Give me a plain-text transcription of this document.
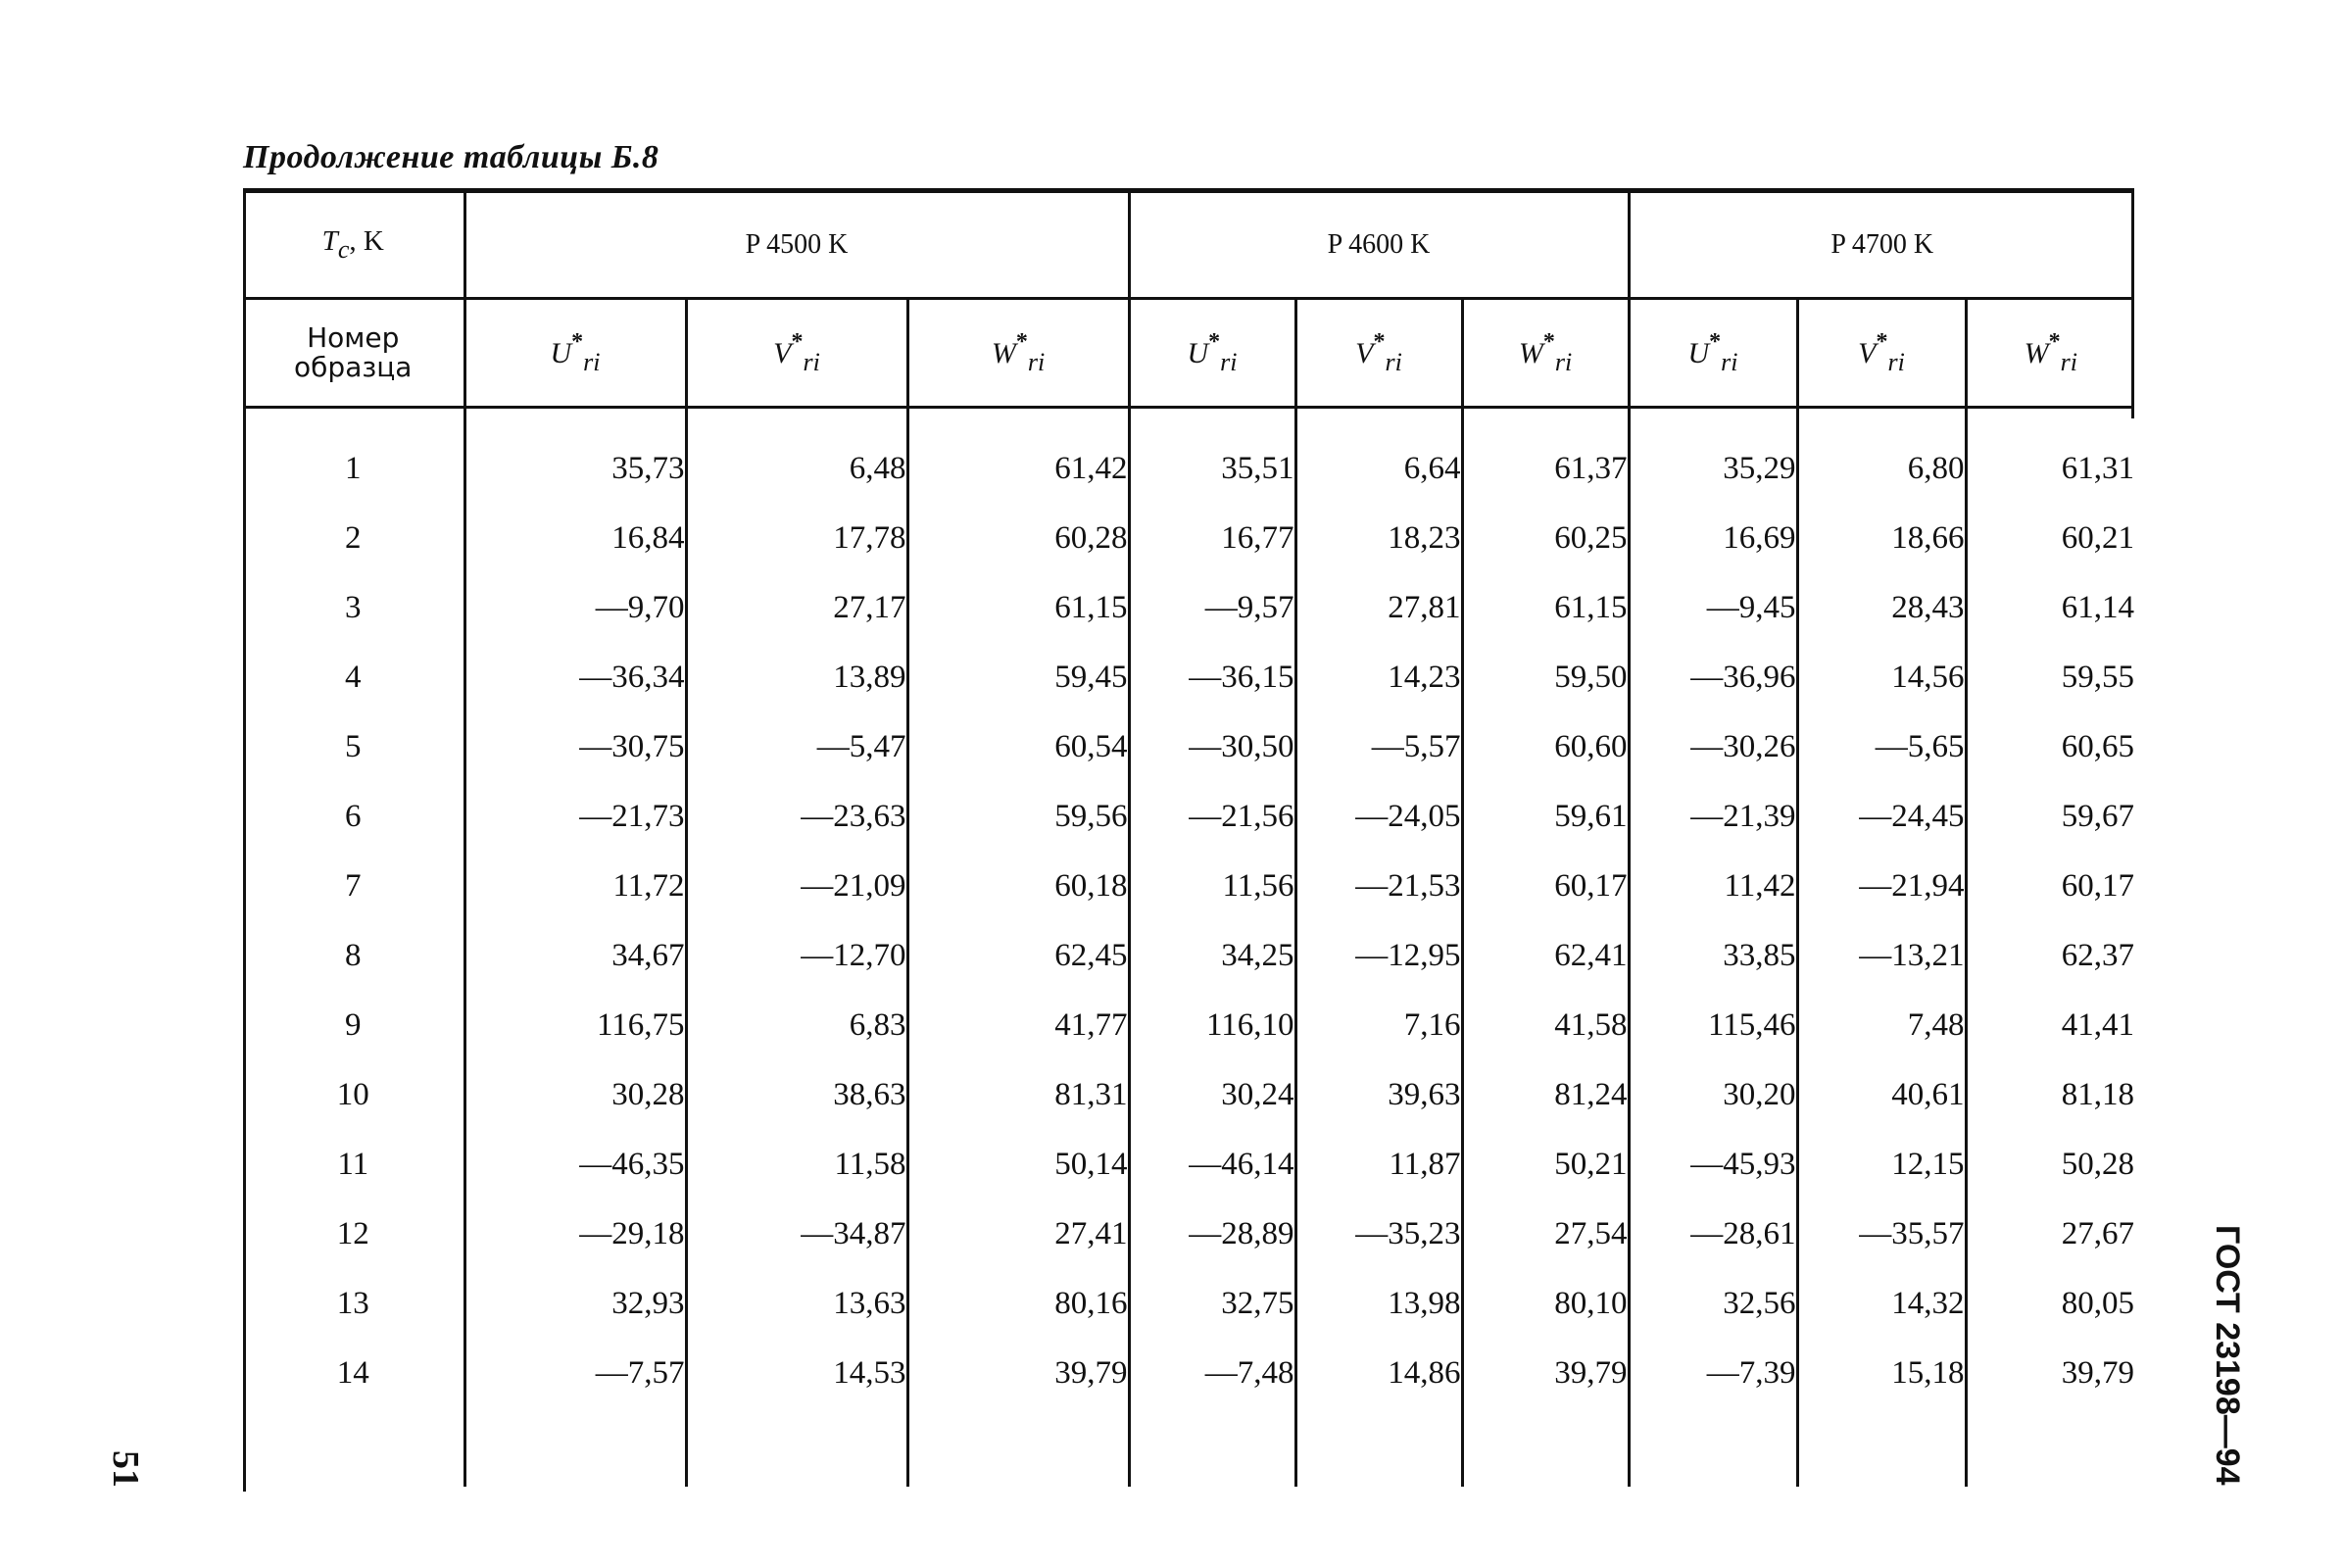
Продолжение таблицы Б.8
$T_c$, K	P 4500 K			P 4600 K			P 4700 K		

Номер
образца	$U^*_{ri}$	$V^*_{ri}$	$W^*_{ri}$	$U^*_{ri}$	$V^*_{ri}$	$W^*_{ri}$	$U^*_{ri}$	$V^*_{ri}$	$W^*_{ri}$

1	35,73	6,48	61,42	35,51	6,64	61,37	35,29	6,80	61,31
2	16,84	17,78	60,28	16,77	18,23	60,25	16,69	18,66	60,21
3	—9,70	27,17	61,15	—9,57	27,81	61,15	—9,45	28,43	61,14
4	—36,34	13,89	59,45	—36,15	14,23	59,50	—36,96	14,56	59,55
5	—30,75	—5,47	60,54	—30,50	—5,57	60,60	—30,26	—5,65	60,65
6	—21,73	—23,63	59,56	—21,56	—24,05	59,61	—21,39	—24,45	59,67
7	11,72	—21,09	60,18	11,56	—21,53	60,17	11,42	—21,94	60,17
8	34,67	—12,70	62,45	34,25	—12,95	62,41	33,85	—13,21	62,37
9	116,75	6,83	41,77	116,10	7,16	41,58	115,46	7,48	41,41
10	30,28	38,63	81,31	30,24	39,63	81,24	30,20	40,61	81,18
11	—46,35	11,58	50,14	—46,14	11,87	50,21	—45,93	12,15	50,28
12	—29,18	—34,87	27,41	—28,89	—35,23	27,54	—28,61	—35,57	27,67
13	32,93	13,63	80,16	32,75	13,98	80,10	32,56	14,32	80,05
14	—7,57	14,53	39,79	—7,48	14,86	39,79	—7,39	15,18	39,79

51	ГОСТ 23198—94
